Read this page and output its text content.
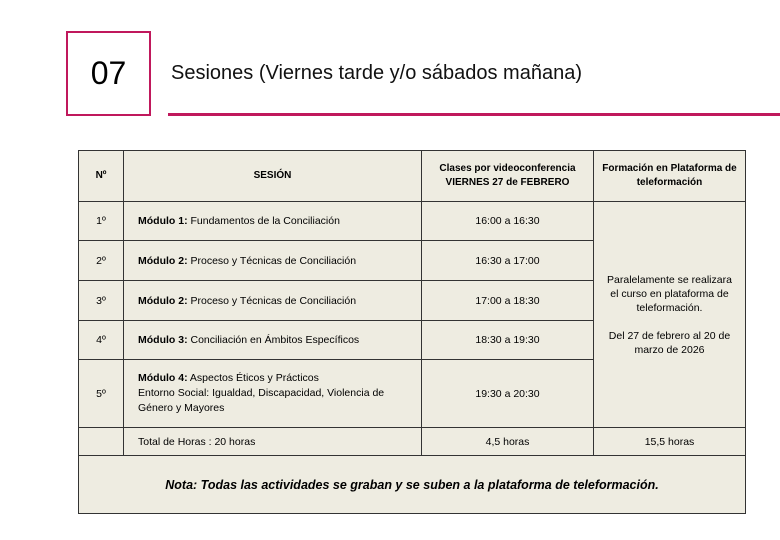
07 Sesiones (Viernes tarde y/o sábados mañana)
Nº	SESIÓN	Clases por videoconferencia VIERNES 27 de FEBRERO	Formación en Plataforma de teleformación
1º	Módulo 1: Fundamentos de la Conciliación	16:00 a 16:30	Paralelamente se realizara el curso en plataforma de teleformación.
Del 27 de febrero al 20 de marzo de 2026

2º	Módulo 2: Proceso y Técnicas de Conciliación	16:30 a 17:00	
3º	Módulo 2: Proceso y Técnicas de Conciliación	17:00 a 18:30	
4º	Módulo 3: Conciliación en Ámbitos Específicos	18:30 a 19:30	
5º	Módulo 4: Aspectos Éticos y Prácticos
Entorno Social: Igualdad, Discapacidad, Violencia de Género y Mayores	19:30 a 20:30	
	Total de Horas : 20 horas	4,5 horas	15,5 horas
Nota: Todas las actividades se graban y se suben a la plataforma de teleformación.			
